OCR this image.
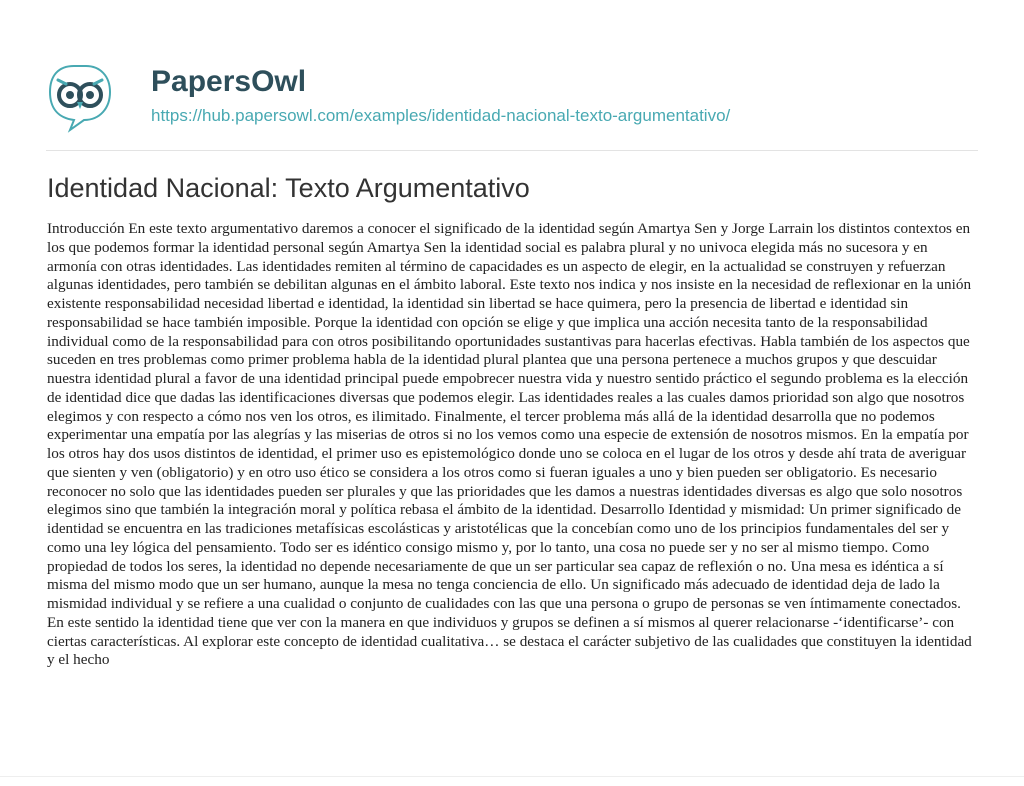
PapersOwl
https://hub.papersowl.com/examples/identidad-nacional-texto-argumentativo/
Identidad Nacional: Texto Argumentativo

Introducción En este texto argumentativo daremos a conocer el significado de la identidad según Amartya Sen y Jorge Larrain los distintos contextos en los que podemos formar la identidad personal según Amartya Sen la identidad social es palabra plural y no univoca elegida más no sucesora y en armonía con otras identidades. Las identidades remiten al término de capacidades es un aspecto de elegir, en la actualidad se construyen y refuerzan algunas identidades, pero también se debilitan algunas en el ámbito laboral. Este texto nos indica y nos insiste en la necesidad de reflexionar en la unión existente responsabilidad necesidad libertad e identidad, la identidad sin libertad se hace quimera, pero la presencia de libertad e identidad sin responsabilidad se hace también imposible. Porque la identidad con opción se elige y que implica una acción necesita tanto de la responsabilidad individual como de la responsabilidad para con otros posibilitando oportunidades sustantivas para hacerlas efectivas. Habla también de los aspectos que suceden en tres problemas como primer problema habla de la identidad plural plantea que una persona pertenece a muchos grupos y que descuidar nuestra identidad plural a favor de una identidad principal puede empobrecer nuestra vida y nuestro sentido práctico el segundo problema es la elección de identidad dice que dadas las identificaciones diversas que podemos elegir. Las identidades reales a las cuales damos prioridad son algo que nosotros elegimos y con respecto a cómo nos ven los otros, es ilimitado. Finalmente, el tercer problema más allá de la identidad desarrolla que no podemos experimentar una empatía por las alegrías y las miserias de otros si no los vemos como una especie de extensión de nosotros mismos. En la empatía por los otros hay dos usos distintos de identidad, el primer uso es epistemológico donde uno se coloca en el lugar de los otros y desde ahí trata de averiguar que sienten y ven (obligatorio) y en otro uso ético se considera a los otros como si fueran iguales a uno y bien pueden ser obligatorio. Es necesario reconocer no solo que las identidades pueden ser plurales y que las prioridades que les damos a nuestras identidades diversas es algo que solo nosotros elegimos sino que también la integración moral y política rebasa el ámbito de la identidad. Desarrollo Identidad y mismidad: Un primer significado de identidad se encuentra en las tradiciones metafísicas escolásticas y aristotélicas que la concebían como uno de los principios fundamentales del ser y como una ley lógica del pensamiento. Todo ser es idéntico consigo mismo y, por lo tanto, una cosa no puede ser y no ser al mismo tiempo. Como propiedad de todos los seres, la identidad no depende necesariamente de que un ser particular sea capaz de reflexión o no. Una mesa es idéntica a sí misma del mismo modo que un ser humano, aunque la mesa no tenga conciencia de ello. Un significado más adecuado de identidad deja de lado la mismidad individual y se refiere a una cualidad o conjunto de cualidades con las que una persona o grupo de personas se ven íntimamente conectados. En este sentido la identidad tiene que ver con la manera en que individuos y grupos se definen a sí mismos al querer relacionarse -‘identificarse’- con ciertas características. Al explorar este concepto de identidad cualitativa… se destaca el carácter subjetivo de las cualidades que constituyen la identidad y el hecho
